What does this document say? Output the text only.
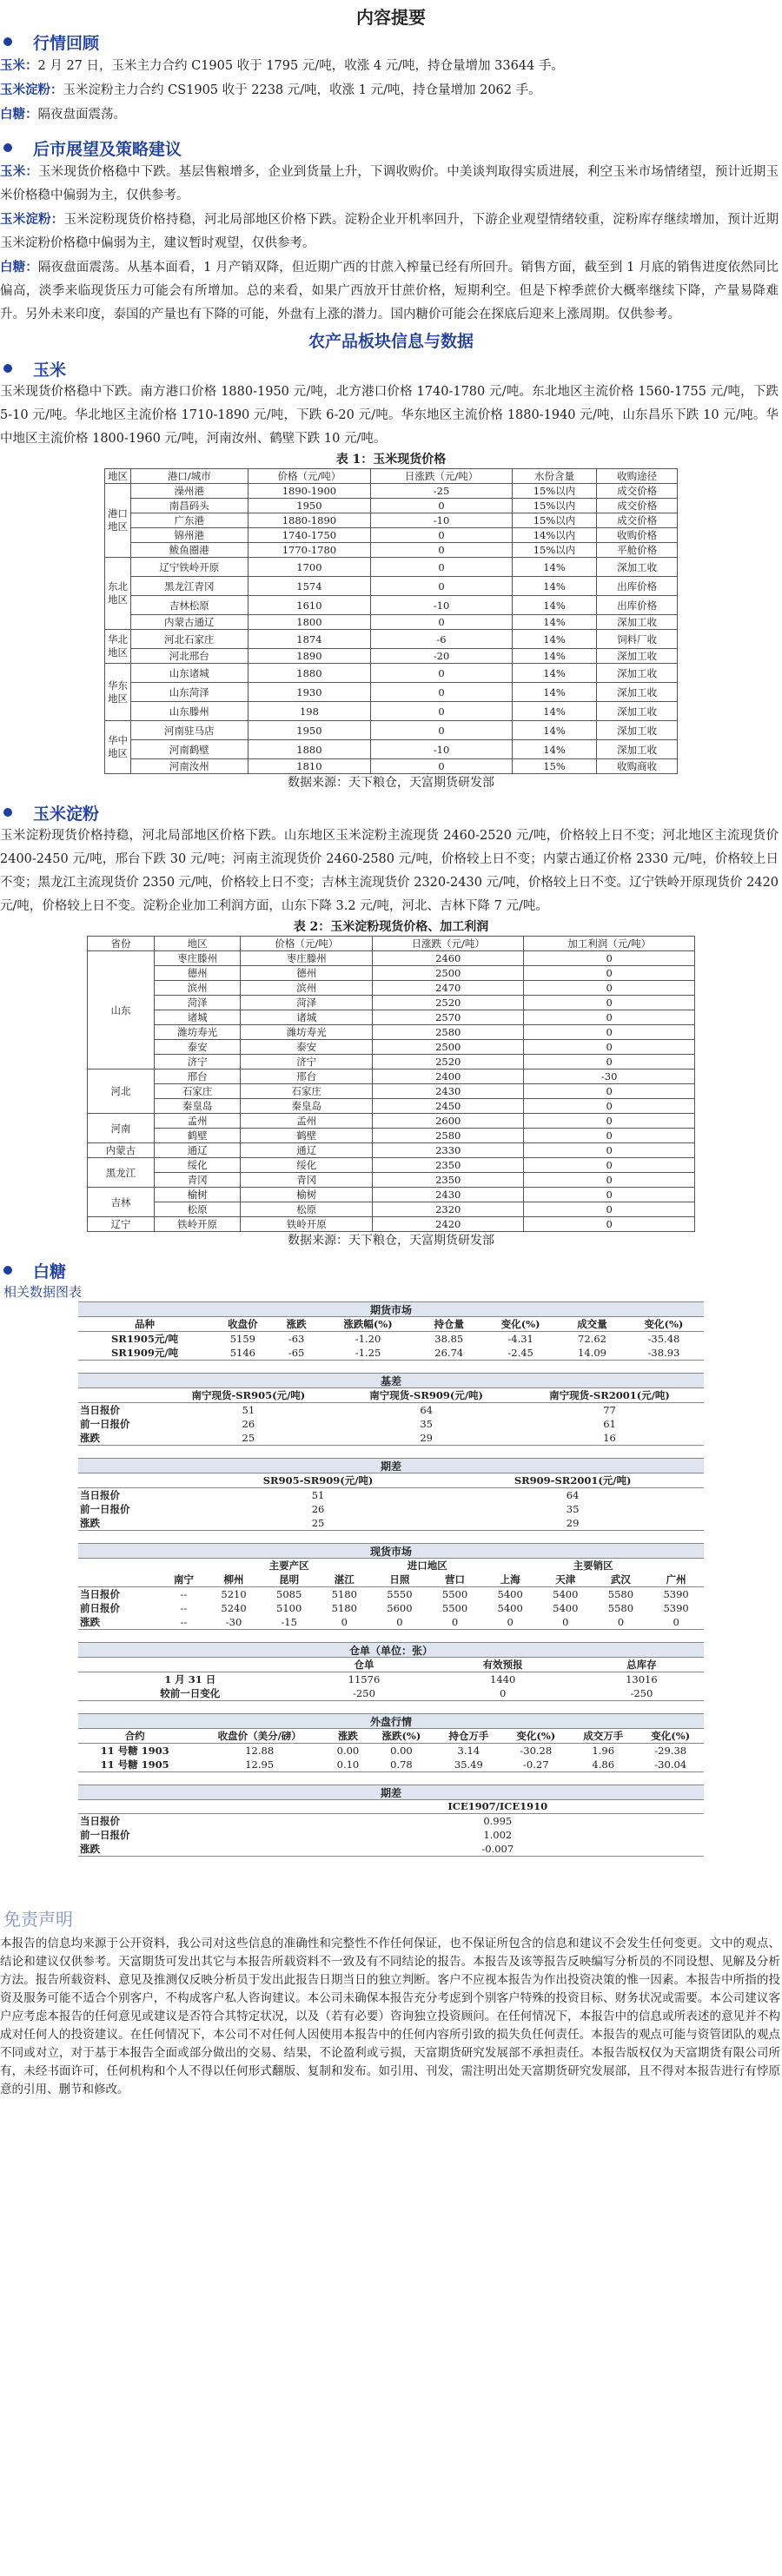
内容提要
行情回顾
玉米：2 月 27 日，玉米主力合约 C1905 收于 1795 元/吨，收涨 4 元/吨，持仓量增加 33644 手。
玉米淀粉：玉米淀粉主力合约 CS1905 收于 2238 元/吨，收涨 1 元/吨，持仓量增加 2062 手。
白糖：隔夜盘面震荡。
后市展望及策略建议
玉米：玉米现货价格稳中下跌。基层售粮增多，企业到货量上升，下调收购价。中美谈判取得实质进展，利空玉米市场情绪望，预计近期玉米价格稳中偏弱为主，仅供参考。
玉米淀粉：玉米淀粉现货价格持稳，河北局部地区价格下跌。淀粉企业开机率回升，下游企业观望情绪较重，淀粉库存继续增加，预计近期玉米淀粉价格稳中偏弱为主，建议暂时观望，仅供参考。
白糖：隔夜盘面震荡。从基本面看，1 月产销双降，但近期广西的甘蔗入榨量已经有所回升。销售方面，截至到 1 月底的销售进度依然同比偏高，淡季来临现货压力可能会有所增加。总的来看，如果广西放开甘蔗价格，短期利空。但是下榨季蔗价大概率继续下降，产量易降难升。另外未来印度，泰国的产量也有下降的可能，外盘有上涨的潜力。国内糖价可能会在探底后迎来上涨周期。仅供参考。
农产品板块信息与数据
玉米
玉米现货价格稳中下跌。南方港口价格 1880-1950 元/吨，北方港口价格 1740-1780 元/吨。东北地区主流价格 1560-1755 元/吨，下跌 5-10 元/吨。华北地区主流价格 1710-1890 元/吨，下跌 6-20 元/吨。华东地区主流价格 1880-1940 元/吨，山东昌乐下跌 10 元/吨。华中地区主流价格 1800-1960 元/吨，河南汝州、鹤壁下跌 10 元/吨。
表 1：玉米现货价格
地区	港口/城市	价格（元/吨）	日涨跌（元/吨）	水份含量	收购途径
港口地区	澡州港	1890-1900	-25	15%以内	成交价格
	南昌码头	1950	0	15%以内	成交价格
	广东港	1880-1890	-10	15%以内	成交价格
	锦州港	1740-1750	0	14%以内	收购价格
	鲅鱼圈港	1770-1780	0	15%以内	平舱价格
东北地区	辽宁铁岭开原	1700	0	14%	深加工收
	黑龙江青冈	1574	0	14%	出库价格
	吉林松原	1610	-10	14%	出库价格
	内蒙古通辽	1800	0	14%	深加工收
华北地区	河北石家庄	1874	-6	14%	饲料厂收
	河北邢台	1890	-20	14%	深加工收
华东地区	山东诸城	1880	0	14%	深加工收
	山东菏泽	1930	0	14%	深加工收
	山东滕州	198	0	14%	深加工收
华中地区	河南驻马店	1950	0	14%	深加工收
	河南鹤壁	1880	-10	14%	深加工收
	河南汝州	1810	0	15%	收购商收
数据来源：天下粮仓，天富期货研发部
玉米淀粉
玉米淀粉现货价格持稳，河北局部地区价格下跌。山东地区玉米淀粉主流现货 2460-2520 元/吨，价格较上日不变；河北地区主流现货价 2400-2450 元/吨，邢台下跌 30 元/吨；河南主流现货价 2460-2580 元/吨，价格较上日不变；内蒙古通辽价格 2330 元/吨，价格较上日不变；黑龙江主流现货价 2350 元/吨，价格较上日不变；吉林主流现货价 2320-2430 元/吨，价格较上日不变。辽宁铁岭开原现货价 2420 元/吨，价格较上日不变。淀粉企业加工利润方面，山东下降 3.2 元/吨，河北、吉林下降 7 元/吨。
表 2：玉米淀粉现货价格、加工利润
省份	地区	价格（元/吨）	日涨跌（元/吨）	加工利润（元/吨）
山东	枣庄滕州	枣庄滕州	2460	0
	德州	德州	2500	0
	滨州	滨州	2470	0
	菏泽	菏泽	2520	0
	诸城	诸城	2570	0
	潍坊寿光	潍坊寿光	2580	0
	泰安	泰安	2500	0
	济宁	济宁	2520	0
河北	邢台	邢台	2400	-30
	石家庄	石家庄	2430	0
	秦皇岛	秦皇岛	2450	0
河南	孟州	孟州	2600	0
	鹤壁	鹤壁	2580	0
内蒙古	通辽	通辽	2330	0
黑龙江	绥化	绥化	2350	0
	青冈	青冈	2350	0
吉林	榆树	榆树	2430	0
	松原	松原	2320	0
辽宁	铁岭开原	铁岭开原	2420	0
数据来源：天下粮仓，天富期货研发部
白糖
相关数据图表
期货市场
品种	收盘价	涨跌	涨跌幅(%)	持仓量	变化(%)	成交量	变化(%)
SR1905元/吨	5159	-63	-1.20	38.85	-4.31	72.62	-35.48
SR1909元/吨	5146	-65	-1.25	26.74	-2.45	14.09	-38.93
基差
	南宁现货-SR905(元/吨)	南宁现货-SR909(元/吨)	南宁现货-SR2001(元/吨)
当日报价	51	64	77
前一日报价	26	35	61
涨跌	25	29	16
期差
	SR905-SR909(元/吨)	SR909-SR2001(元/吨)
当日报价	51	64
前一日报价	26	35
涨跌	25	29
现货市场
		主要产区			进口地区		主要销区			
	南宁	柳州	昆明	湛江	日照	营口	上海	天津	武汉	广州
当日报价	--	5210	5085	5180	5550	5500	5400	5400	5580	5390
前日报价	--	5240	5100	5180	5600	5500	5400	5400	5580	5390
涨跌	--	-30	-15	0	0	0	0	0	0	0
仓单（单位：张）
	仓单	有效预报	总库存
1 月 31 日	11576	1440	13016
较前一日变化	-250	0	-250
外盘行情
合约	收盘价（美分/磅）	涨跌	涨跌(%)	持仓万手	变化(%)	成交万手	变化(%)
11 号糖 1903	12.88	0.00	0.00	3.14	-30.28	1.96	-29.38
11 号糖 1905	12.95	0.10	0.78	35.49	-0.27	4.86	-30.04
期差
	ICE1907/ICE1910
当日报价	0.995
前一日报价	1.002
涨跌	-0.007
免责声明
本报告的信息均来源于公开资料，我公司对这些信息的准确性和完整性不作任何保证，也不保证所包含的信息和建议不会发生任何变更。文中的观点、结论和建议仅供参考。天富期货可发出其它与本报告所载资料不一致及有不同结论的报告。本报告及该等报告反映编写分析员的不同设想、见解及分析方法。报告所载资料、意见及推测仅反映分析员于发出此报告日期当日的独立判断。客户不应视本报告为作出投资决策的惟一因素。本报告中所指的投资及服务可能不适合个别客户，不构成客户私人咨询建议。本公司未确保本报告充分考虑到个别客户特殊的投资目标、财务状况或需要。本公司建议客户应考虑本报告的任何意见或建议是否符合其特定状况，以及（若有必要）咨询独立投资顾问。在任何情况下，本报告中的信息或所表述的意见并不构成对任何人的投资建议。在任何情况下，本公司不对任何人因使用本报告中的任何内容所引致的损失负任何责任。本报告的观点可能与资管团队的观点不同或对立，对于基于本报告全面或部分做出的交易、结果，不论盈利或亏损，天富期货研究发展部不承担责任。本报告版权仅为天富期货有限公司所有，未经书面许可，任何机构和个人不得以任何形式翻版、复制和发布。如引用、刊发，需注明出处天富期货研究发展部，且不得对本报告进行有悖原意的引用、删节和修改。
